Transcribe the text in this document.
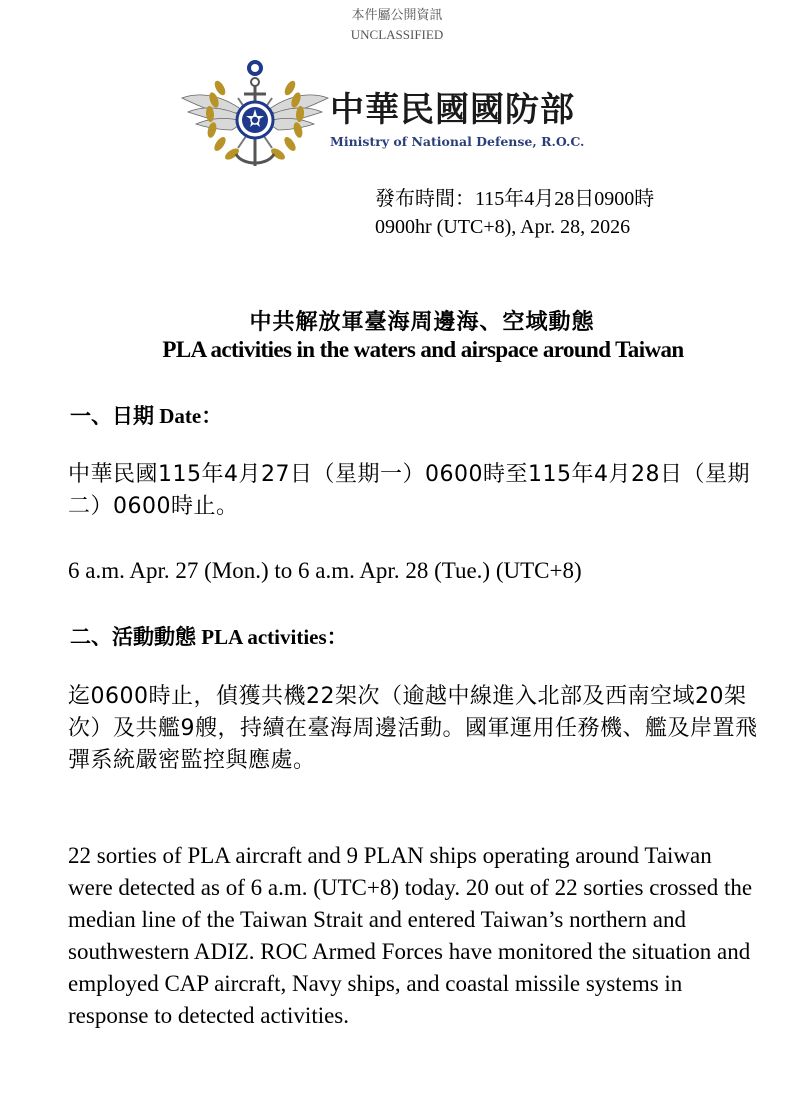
本件屬公開資訊
UNCLASSIFIED
中華民國國防部
Ministry of National Defense, R.O.C.
發布時間：115年4月28日0900時
0900hr (UTC+8), Apr. 28, 2026
中共解放軍臺海周邊海、空域動態
PLA activities in the waters and airspace around Taiwan
一、日期 Date：
中華民國115年4月27日（星期一）0600時至115年4月28日（星期二）0600時止。
6 a.m. Apr. 27 (Mon.) to 6 a.m. Apr. 28 (Tue.) (UTC+8)
二、活動動態 PLA activities：
迄0600時止，偵獲共機22架次（逾越中線進入北部及西南空域20架次）及共艦9艘，持續在臺海周邊活動。國軍運用任務機、艦及岸置飛彈系統嚴密監控與應處。
22 sorties of PLA aircraft and 9 PLAN ships operating around Taiwan were detected as of 6 a.m. (UTC+8) today. 20 out of 22 sorties crossed the median line of the Taiwan Strait and entered Taiwan’s northern and southwestern ADIZ. ROC Armed Forces have monitored the situation and employed CAP aircraft, Navy ships, and coastal missile systems in response to detected activities.
